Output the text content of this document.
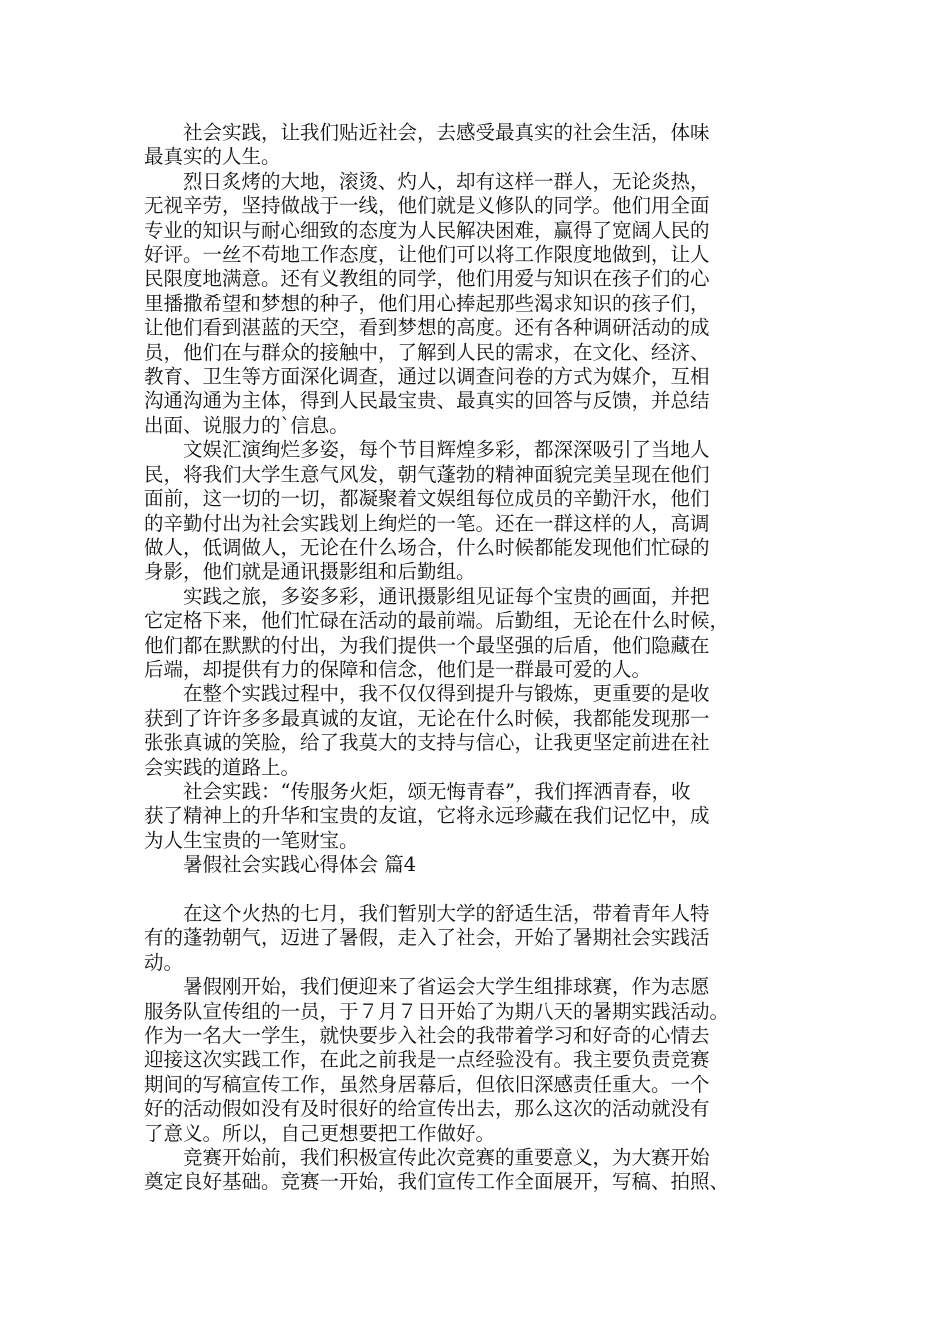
社会实践，让我们贴近社会，去感受最真实的社会生活，体味
最真实的人生。

烈日炙烤的大地，滚烫、灼人，却有这样一群人，无论炎热，
无视辛劳，坚持做战于一线，他们就是义修队的同学。他们用全面
专业的知识与耐心细致的态度为人民解决困难，赢得了宽阔人民的
好评。一丝不苟地工作态度，让他们可以将工作限度地做到，让人
民限度地满意。还有义教组的同学，他们用爱与知识在孩子们的心
里播撒希望和梦想的种子，他们用心捧起那些渴求知识的孩子们，
让他们看到湛蓝的天空，看到梦想的高度。还有各种调研活动的成
员，他们在与群众的接触中，了解到人民的需求，在文化、经济、
教育、卫生等方面深化调查，通过以调查问卷的方式为媒介，互相
沟通沟通为主体，得到人民最宝贵、最真实的回答与反馈，并总结
出面、说服力的`信息。

文娱汇演绚烂多姿，每个节目辉煌多彩，都深深吸引了当地人
民，将我们大学生意气风发，朝气蓬勃的精神面貌完美呈现在他们
面前，这一切的一切，都凝聚着文娱组每位成员的辛勤汗水，他们
的辛勤付出为社会实践划上绚烂的一笔。还在一群这样的人，高调
做人，低调做人，无论在什么场合，什么时候都能发现他们忙碌的
身影，他们就是通讯摄影组和后勤组。

实践之旅，多姿多彩，通讯摄影组见证每个宝贵的画面，并把
它定格下来，他们忙碌在活动的最前端。后勤组，无论在什么时候，
他们都在默默的付出，为我们提供一个最坚强的后盾，他们隐藏在
后端，却提供有力的保障和信念，他们是一群最可爱的人。

在整个实践过程中，我不仅仅得到提升与锻炼，更重要的是收
获到了许许多多最真诚的友谊，无论在什么时候，我都能发现那一
张张真诚的笑脸，给了我莫大的支持与信心，让我更坚定前进在社
会实践的道路上。

社会实践：“传服务火炬，颂无悔青春”，我们挥洒青春，收
获了精神上的升华和宝贵的友谊，它将永远珍藏在我们记忆中，成
为人生宝贵的一笔财宝。

暑假社会实践心得体会 篇4

在这个火热的七月，我们暂别大学的舒适生活，带着青年人特
有的蓬勃朝气，迈进了暑假，走入了社会，开始了暑期社会实践活
动。

暑假刚开始，我们便迎来了省运会大学生组排球赛，作为志愿
服务队宣传组的一员，于７月７日开始了为期八天的暑期实践活动。
作为一名大一学生，就快要步入社会的我带着学习和好奇的心情去
迎接这次实践工作，在此之前我是一点经验没有。我主要负责竞赛
期间的写稿宣传工作，虽然身居幕后，但依旧深感责任重大。一个
好的活动假如没有及时很好的给宣传出去，那么这次的活动就没有
了意义。所以，自己更想要把工作做好。

竞赛开始前，我们积极宣传此次竞赛的重要意义，为大赛开始
奠定良好基础。竞赛一开始，我们宣传工作全面展开，写稿、拍照、
